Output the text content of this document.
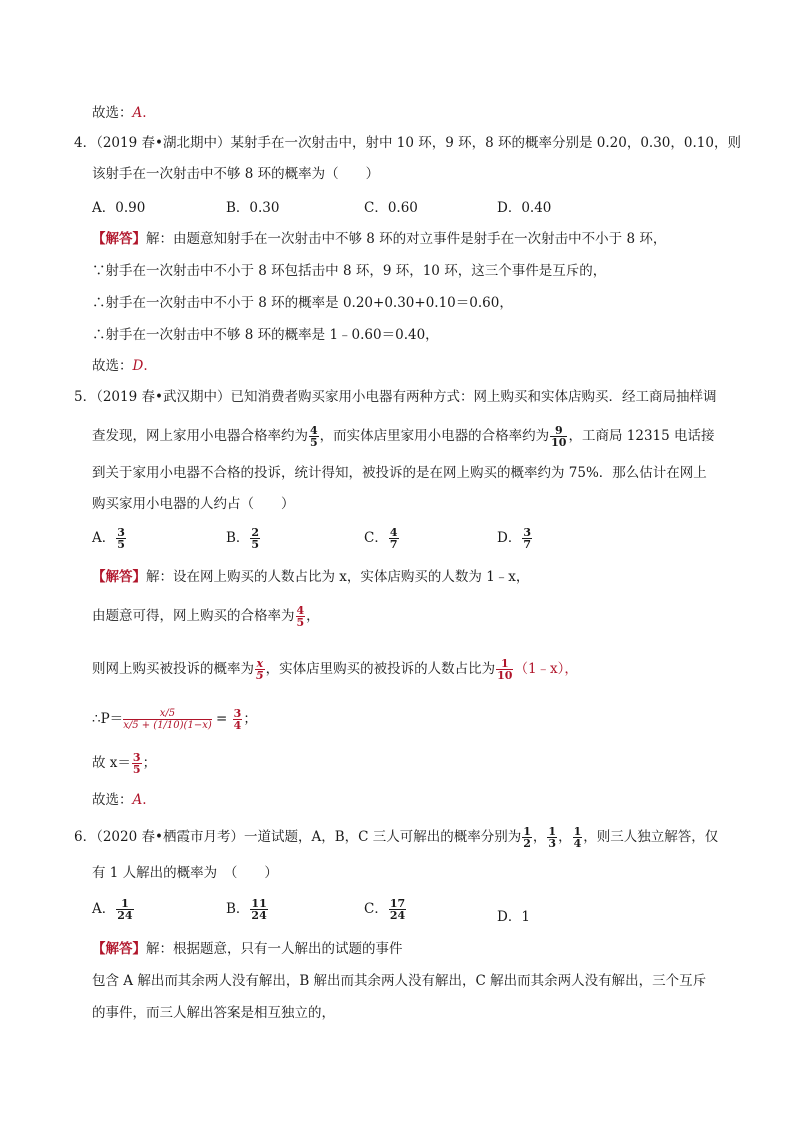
故选：A.
4．（2019 春•湖北期中）某射手在一次射击中，射中 10 环，9 环，8 环的概率分别是 0.20，0.30，0.10，则
该射手在一次射击中不够 8 环的概率为（　　）
A．0.90	B．0.30	C．0.60	D．0.40
【解答】解：由题意知射手在一次射击中不够 8 环的对立事件是射手在一次射击中不小于 8 环，
∵射手在一次射击中不小于 8 环包括击中 8 环，9 环，10 环，这三个事件是互斥的，
∴射手在一次射击中不小于 8 环的概率是 0.20+0.30+0.10＝0.60，
∴射手在一次射击中不够 8 环的概率是 1﹣0.60＝0.40，
故选：D.
5．（2019 春•武汉期中）已知消费者购买家用小电器有两种方式：网上购买和实体店购买．经工商局抽样调
查发现，网上家用小电器合格率约为 $\frac{4}{5}$ ，而实体店里家用小电器的合格率约为 $\frac{9}{10}$ ，工商局 12315 电话接
到关于家用小电器不合格的投诉，统计得知，被投诉的是在网上购买的概率约为 75%．那么估计在网上
购买家用小电器的人约占（　　）
A． $\frac{3}{5}$	B． $\frac{2}{5}$	C． $\frac{4}{7}$	D． $\frac{3}{7}$
【解答】解：设在网上购买的人数占比为 x，实体店购买的人数为 1﹣x，
由题意可得，网上购买的合格率为 $\frac{4}{5}$ ，
则网上购买被投诉的概率为 $\frac{x}{5}$ ，实体店里购买的被投诉的人数占比为 $\frac{1}{10}$ （1﹣x），
∴P＝ $\frac{x/5}{x/5 + (1/10)(1-x)} = \frac{3}{4}$ ；
故 $x= \frac{3}{5}$ ；
故选：A.
6．（2020 春•栖霞市月考）一道试题，A，B，C 三人可解出的概率分别为 $\frac{1}{2}$ ， $\frac{1}{3}$ ， $\frac{1}{4}$ ，则三人独立解答，仅
有 1 人解出的概率为　（　　）
A． $\frac{1}{24}$	B． $\frac{11}{24}$	C． $\frac{17}{24}$	D．1
【解答】解：根据题意，只有一人解出的试题的事件
包含 A 解出而其余两人没有解出，B 解出而其余两人没有解出，C 解出而其余两人没有解出，三个互斥
的事件，而三人解出答案是相互独立的，
